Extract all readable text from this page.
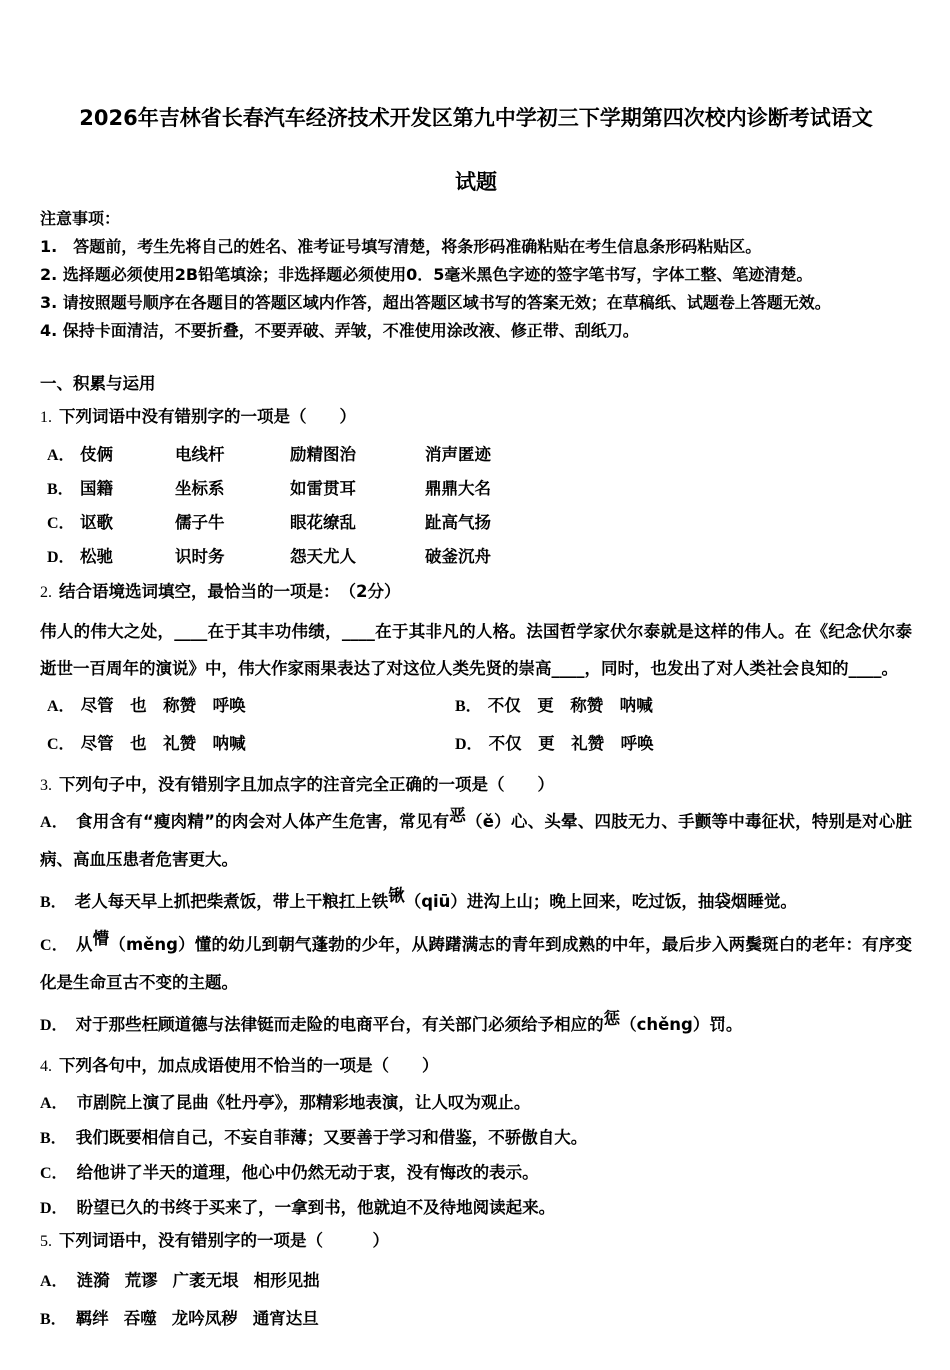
2026年吉林省长春汽车经济技术开发区第九中学初三下学期第四次校内诊断考试语文
试题
注意事项：
1.　答题前，考生先将自己的姓名、准考证号填写清楚，将条形码准确粘贴在考生信息条形码粘贴区。
2. 选择题必须使用2B铅笔填涂；非选择题必须使用0．5毫米黑色字迹的签字笔书写，字体工整、笔迹清楚。
3. 请按照题号顺序在各题目的答题区域内作答，超出答题区域书写的答案无效；在草稿纸、试题卷上答题无效。
4. 保持卡面清洁，不要折叠，不要弄破、弄皱，不准使用涂改液、修正带、刮纸刀。
一、积累与运用
1. 下列词语中没有错别字的一项是（　　）
A． 伎俩	电线杆	励精图治	消声匿迹
B． 国籍	坐标系	如雷贯耳	鼎鼎大名
C． 讴歌	儒子牛	眼花缭乱	趾高气扬
D． 松驰	识时务	怨天尤人	破釜沉舟
2. 结合语境选词填空，最恰当的一项是：　（2分）

伟人的伟大之处，____在于其丰功伟绩，____在于其非凡的人格。法国哲学家伏尔泰就是这样的伟人。在《纪念伏尔泰逝世一百周年的演说》中，伟大作家雨果表达了对这位人类先贤的崇高____，同时，也发出了对人类社会良知的____。

A． 尽管　也　称赞　呼唤	B． 不仅　更　称赞　呐喊
C． 尽管　也　礼赞　呐喊	D． 不仅　更　礼赞　呼唤
3. 下列句子中，没有错别字且加点字的注音完全正确的一项是（　　）

A． 食用含有“瘦肉精”的肉会对人体产生危害，常见有恶（ě）心、头晕、四肢无力、手颤等中毒征状，特别是对心脏病、高血压患者危害更大。

B． 老人每天早上抓把柴煮饭，带上干粮扛上铁锹（qiū）进沟上山；晚上回来，吃过饭，抽袋烟睡觉。

C． 从懵（měng）懂的幼儿到朝气蓬勃的少年，从踌躇满志的青年到成熟的中年，最后步入两鬓斑白的老年：有序变化是生命亘古不变的主题。

D． 对于那些枉顾道德与法律铤而走险的电商平台，有关部门必须给予相应的惩（chěng）罚。

4. 下列各句中，加点成语使用不恰当的一项是（　　）
A． 市剧院上演了昆曲《牡丹亭》，那精彩地表演，让人叹为观止。
B． 我们既要相信自己，不妄自菲薄；又要善于学习和借鉴，不骄傲自大。
C． 给他讲了半天的道理，他心中仍然无动于衷，没有悔改的表示。
D． 盼望已久的书终于买来了，一拿到书，他就迫不及待地阅读起来。
5. 下列词语中，没有错别字的一项是（　　　）
A． 涟漪 荒谬 广袤无垠 相形见拙
B． 羁绊 吞噬 龙吟凤秽 通宵达旦
